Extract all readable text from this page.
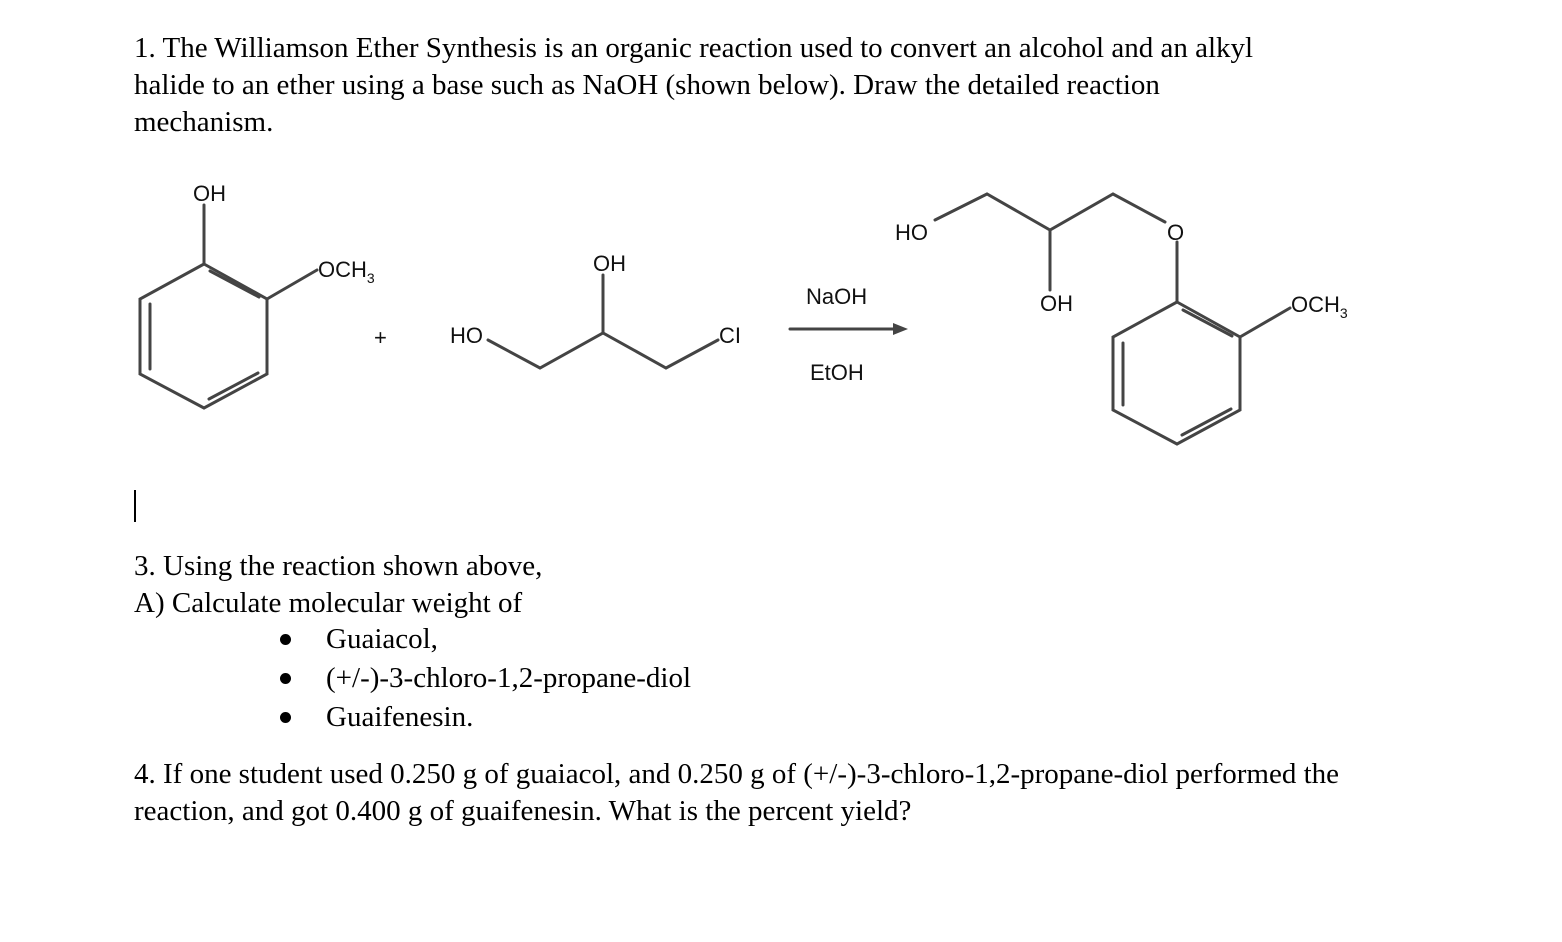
1. The Williamson Ether Synthesis is an organic reaction used to convert an alcohol and an alkyl
halide to an ether using a base such as NaOH (shown below). Draw the detailed reaction
mechanism.
OH
$OCH_3$
+	HO
OH
CI
NaOH
EtOH
HO	O
OH	$OCH_3$
3. Using the reaction shown above,
A) Calculate molecular weight of
Guaiacol,
(+/-)-3-chloro-1,2-propane-diol
Guaifenesin.
4. If one student used 0.250 g of guaiacol, and 0.250 g of (+/-)-3-chloro-1,2-propane-diol performed the
reaction, and got 0.400 g of guaifenesin. What is the percent yield?
